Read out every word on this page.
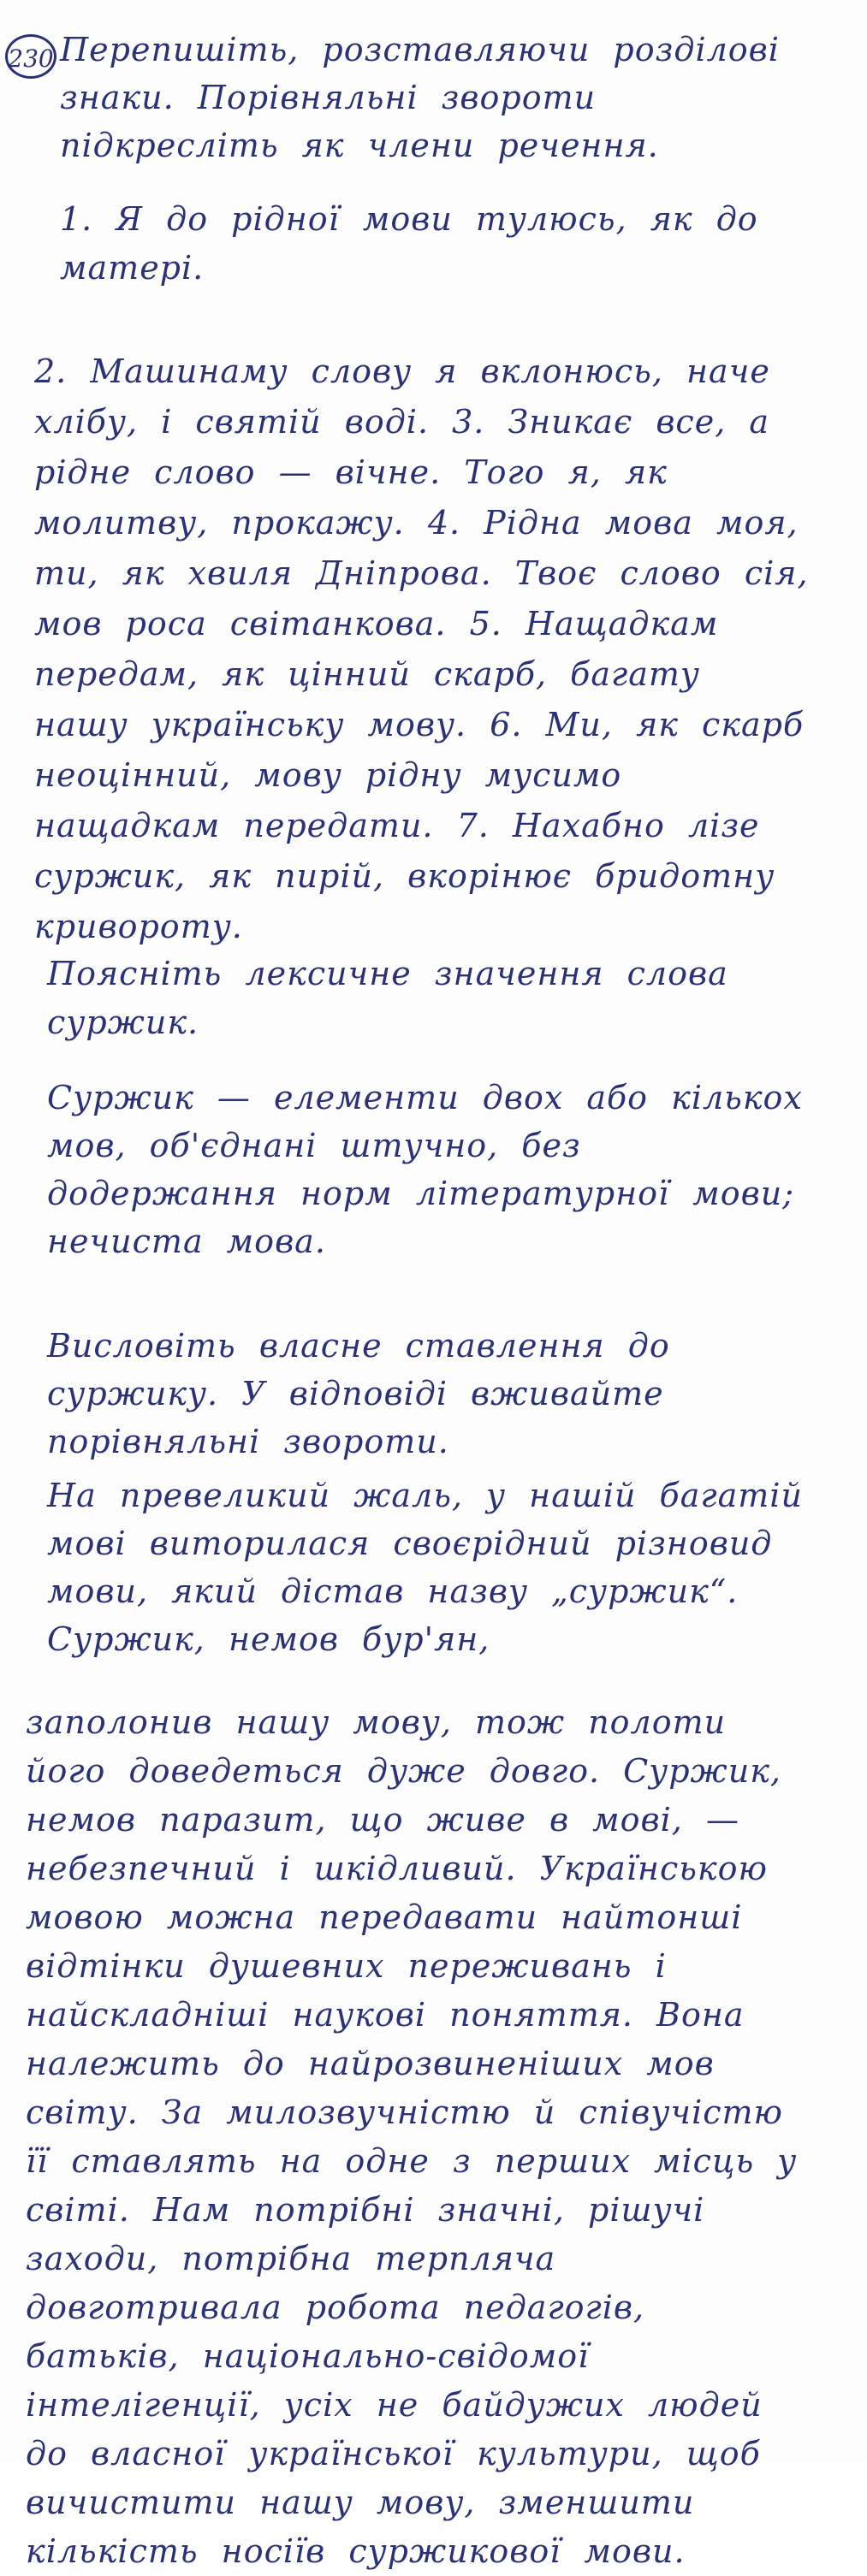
230 Перепишіть, розставляючи розділові знаки. Порівняльні звороти підкресліть як члени речення.
1. Я до рідної мови тулюсь, як до матері.
2. Машинаму слову я вклонюсь, наче хлібу, і святій воді. 3. Зникає все, а рідне слово — вічне. Того я, як молитву, прокажу. 4. Рідна мова моя, ти, як хвиля Дніпрова. Твоє слово сія, мов роса світанкова. 5. Нащадкам передам, як цінний скарб, багату нашу українську мову. 6. Ми, як скарб неоцінний, мову рідну мусимо нащадкам передати. 7. Нахабно лізе суржик, як пирій, вкорінює бридотну кривороту.
Поясніть лексичне значення слова суржик.
Суржик — елементи двох або кількох мов, об'єднані штучно, без додержання норм літературної мови; нечиста мова.
Висловіть власне ставлення до суржику. У відповіді вживайте порівняльні звороти.
На превеликий жаль, у нашій багатій мові виторилася своєрідний різновид мови, який дістав назву „суржик“. Суржик, немов бур'ян,
заполонив нашу мову, тож полоти його доведеться дуже довго. Суржик, немов паразит, що живе в мові, — небезпечний і шкідливий. Українською мовою можна передавати найтонші відтінки душевних переживань і найскладніші наукові поняття. Вона належить до найрозвиненіших мов світу. За милозвучністю й співучістю її ставлять на одне з перших місць у світі. Нам потрібні значні, рішучі заходи, потрібна терпляча довготривала робота педагогів, батьків, національно-свідомої інтелігенції, усіх не байдужих людей до власної української культури, щоб вичистити нашу мову, зменшити кількість носіїв суржикової мови.
